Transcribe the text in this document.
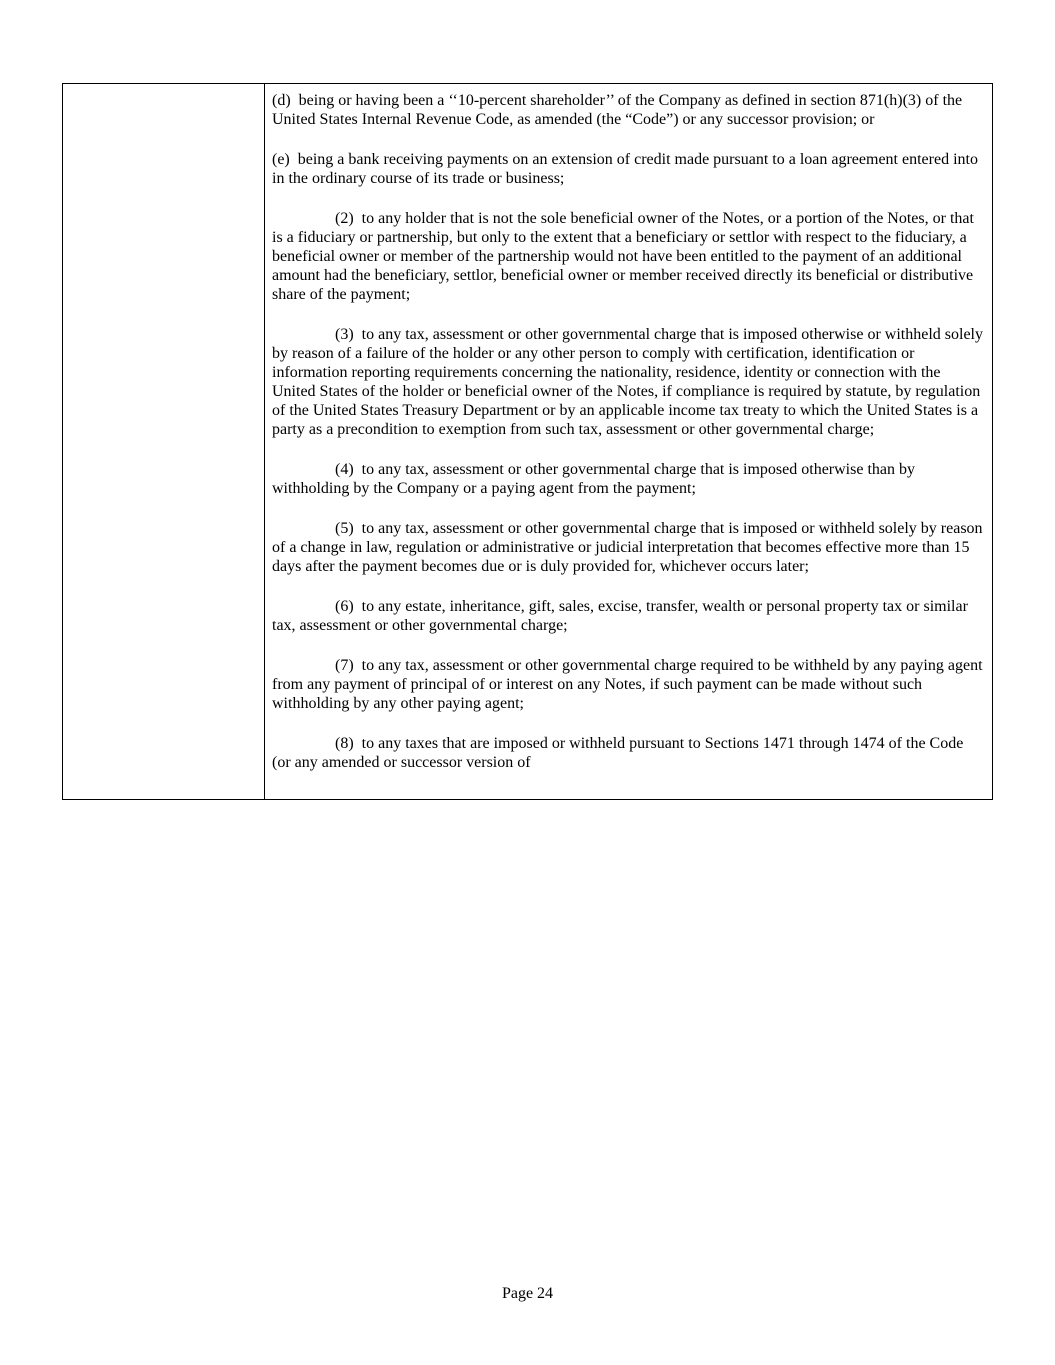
(d)  being or having been a ‘‘10-percent shareholder’’ of the Company as defined in section 871(h)(3) of the United States Internal Revenue Code, as amended (the “Code”) or any successor provision; or

(e)  being a bank receiving payments on an extension of credit made pursuant to a loan agreement entered into in the ordinary course of its trade or business;

(2)  to any holder that is not the sole beneficial owner of the Notes, or a portion of the Notes, or that is a fiduciary or partnership, but only to the extent that a beneficiary or settlor with respect to the fiduciary, a beneficial owner or member of the partnership would not have been entitled to the payment of an additional amount had the beneficiary, settlor, beneficial owner or member received directly its beneficial or distributive share of the payment;

(3)  to any tax, assessment or other governmental charge that is imposed otherwise or withheld solely by reason of a failure of the holder or any other person to comply with certification, identification or information reporting requirements concerning the nationality, residence, identity or connection with the United States of the holder or beneficial owner of the Notes, if compliance is required by statute, by regulation of the United States Treasury Department or by an applicable income tax treaty to which the United States is a party as a precondition to exemption from such tax, assessment or other governmental charge;

(4)  to any tax, assessment or other governmental charge that is imposed otherwise than by withholding by the Company or a paying agent from the payment;

(5)  to any tax, assessment or other governmental charge that is imposed or withheld solely by reason of a change in law, regulation or administrative or judicial interpretation that becomes effective more than 15 days after the payment becomes due or is duly provided for, whichever occurs later;

(6)  to any estate, inheritance, gift, sales, excise, transfer, wealth or personal property tax or similar tax, assessment or other governmental charge;

(7)  to any tax, assessment or other governmental charge required to be withheld by any paying agent from any payment of principal of or interest on any Notes, if such payment can be made without such withholding by any other paying agent;

(8)  to any taxes that are imposed or withheld pursuant to Sections 1471 through 1474 of the Code (or any amended or successor version of

Page 24
